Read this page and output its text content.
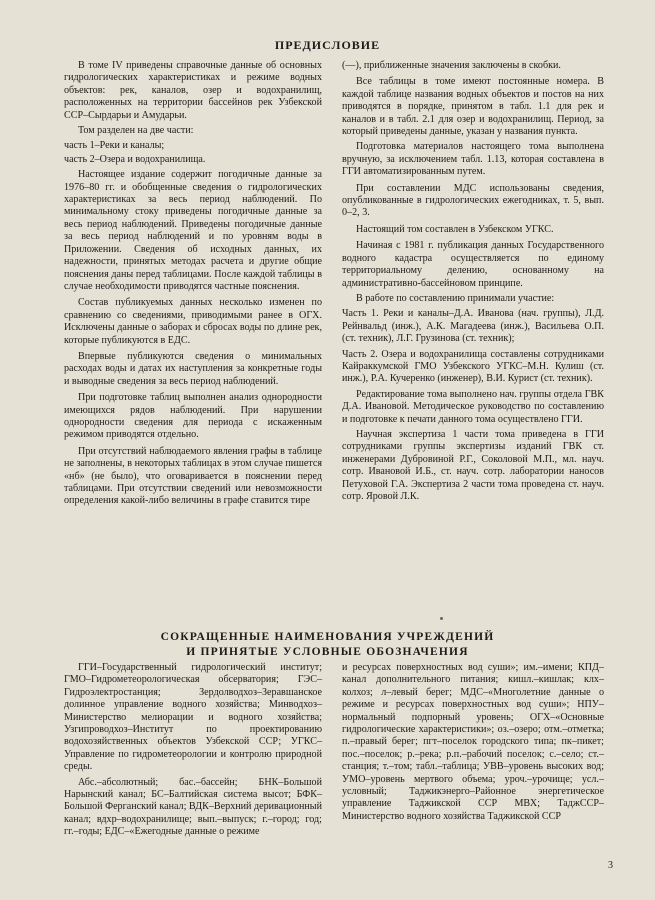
ПРЕДИСЛОВИЕ

В томе IV приведены справочные данные об основных гидрологических характеристиках и режиме водных объектов: рек, каналов, озер и водохранилищ, расположенных на территории бассейнов рек Узбекской ССР–Сырдарьи и Амударьи.

Том разделен на две части:

часть 1–Реки и каналы;

часть 2–Озера и водохранилища.

Настоящее издание содержит погодичные данные за 1976–80 гг. и обобщенные сведения о гидрологических характеристиках за весь период наблюдений. По минимальному стоку приведены погодичные данные за весь период наблюдений. Приведены погодичные данные за весь период наблюдений и по уровням воды в Приложении. Сведения об исходных данных, их надежности, принятых методах расчета и другие общие пояснения даны перед таблицами. После каждой таблицы в случае необходимости приводятся частные пояснения.

Состав публикуемых данных несколько изменен по сравнению со сведениями, приводимыми ранее в ОГХ. Исключены данные о заборах и сбросах воды по длине рек, которые публикуются в ЕДС.

Впервые публикуются сведения о минимальных расходах воды и датах их наступления за конкретные годы и выводные сведения за весь период наблюдений.

При подготовке таблиц выполнен анализ однородности имеющихся рядов наблюдений. При нарушении однородности сведения для периода с искаженным режимом приводятся отдельно.

При отсутствий наблюдаемого явления графы в таблице не заполнены, в некоторых таблицах в этом случае пишется «нб» (не было), что оговаривается в пояснении перед таблицами. При отсутствии сведений или невозможности определения какой-либо величины в графе ставится тире

(—), приближенные значения заключены в скобки.

Все таблицы в томе имеют постоянные номера. В каждой таблице названия водных объектов и постов на них приводятся в порядке, принятом в табл. 1.1 для рек и каналов и в табл. 2.1 для озер и водохранилищ. Период, за который приведены данные, указан у названия пункта.

Подготовка материалов настоящего тома выполнена вручную, за исключением табл. 1.13, которая составлена в ГГИ автоматизированным путем.

При составлении МДС использованы сведения, опубликованные в гидрологических ежегодниках, т. 5, вып. 0–2, 3.

Настоящий том составлен в Узбекском УГКС.

Начиная с 1981 г. публикация данных Государственного водного кадастра осуществляется по единому территориальному делению, основанному на административно-бассейновом принципе.

В работе по составлению принимали участие:

Часть 1. Реки и каналы–Д.А. Иванова (нач. группы), Л.Д. Рейнвальд (инж.), А.К. Магадеева (инж.), Васильева О.П. (ст. техник), Л.Г. Грузинова (ст. техник);

Часть 2. Озера и водохранилища составлены сотрудниками Кайраккумской ГМО Узбекского УГКС–М.Н. Кулиш (ст. инж.), Р.А. Кучеренко (инженер), В.И. Курист (ст. техник).

Редактирование тома выполнено нач. группы отдела ГВК Д.А. Ивановой. Методическое руководство по составлению и подготовке к печати данного тома осуществлено ГГИ.

Научная экспертиза 1 части тома приведена в ГГИ сотрудниками группы экспертизы изданий ГВК ст. инженерами Дубровиной Р.Г., Соколовой М.П., мл. науч. сотр. Ивановой И.Б., ст. науч. сотр. лаборатории наносов Петуховой Г.А. Экспертиза 2 части тома проведена ст. науч. сотр. Яровой Л.К.

СОКРАЩЕННЫЕ НАИМЕНОВАНИЯ УЧРЕЖДЕНИЙ
И ПРИНЯТЫЕ УСЛОВНЫЕ ОБОЗНАЧЕНИЯ

ГГИ–Государственный гидрологический институт; ГМО–Гидрометеорологическая обсерватория; ГЭС–Гидроэлектростанция; Зердолводхоз–Зеравшанское долинное управление водного хозяйства; Минводхоз–Министерство мелиорации и водного хозяйства; Узгипроводхоз–Институт по проектированию водохозяйственных объектов Узбекской ССР; УГКС–Управление по гидрометеорологии и контролю природной среды.

Абс.–абсолютный; бас.–бассейн; БНК–Большой Нарынский канал; БС–Балтийская система высот; БФК–Большой Ферганский канал; ВДК–Верхний деривационный канал; вдхр–водохранилище; вып.–выпуск; г.–город; год; гг.–годы; ЕДС–«Ежегодные данные о режиме

и ресурсах поверхностных вод суши»; им.–имени; КПД–канал дополнительного питания; кишл.–кишлак; клх–колхоз; л–левый берег; МДС–«Многолетние данные о режиме и ресурсах поверхностных вод суши»; НПУ–нормальный подпорный уровень; ОГХ–«Основные гидрологические характеристики»; оз.–озеро; отм.–отметка; п.–правый берег; пгт–поселок городского типа; пк–пикет; пос.–поселок; р.–река; р.п.–рабочий поселок; с.–село; ст.–станция; т.–том; табл.–таблица; УВВ–уровень высоких вод; УМО–уровень мертвого объема; уроч.–урочище; усл.–условный; Таджикэнерго–Районное энергетическое управление Таджикской ССР МВХ; ТаджССР–Министерство водного хозяйства Таджикской ССР

3
